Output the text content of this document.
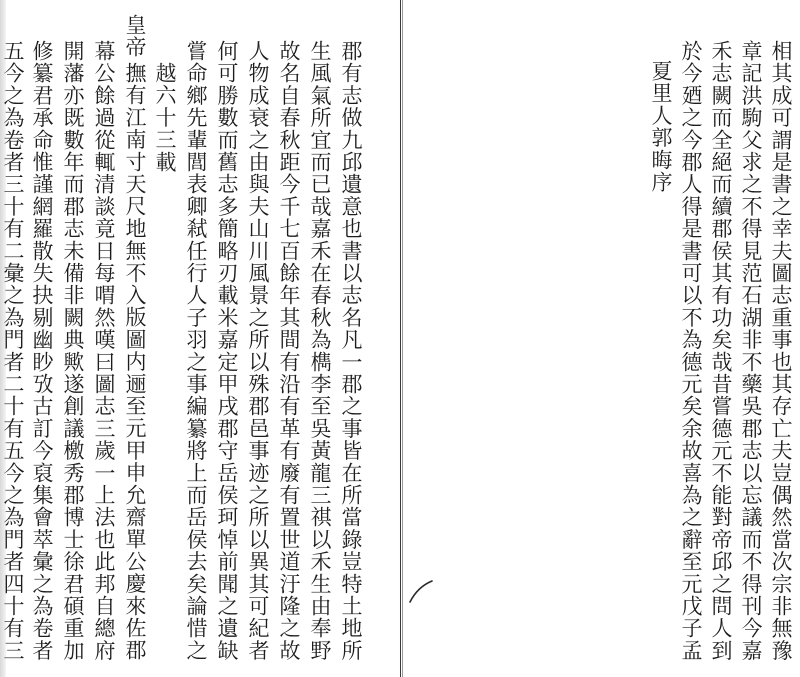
皇帝
越六十三載 嘗命鄉先輩閭表卿弒任行人子羽之事編纂將上而岳侯去矣論惜之 何可勝數而舊志多簡略刃載米嘉定甲戌郡守岳侯珂悼前聞之遺缺 人物成衰之由與夫山川風景之所以殊郡邑事迹之所以異其可紀者 故名自春秋距今千七百餘年其間有沿有革有廢有置世道汙隆之故 生風氣所宜而已哉嘉禾在春秋為檇李至吳黃龍三祺以禾生由奉野 郡有志做九邱遺意也書以志名凡一郡之事皆在所當錄豈特土地所
撫有江南寸天尺地無不入版圖内逦至元甲申允齋單公慶來佐郡
幕公餘過從輒清談竟日每喟然嘆曰圖志三歲一上法也此邦自總府
開藩亦既數年而郡志未備非闕典歟遂創議檄秀郡博士徐君碩重加
修纂君承命惟謹網羅散失抉剔幽眇攷古訂今裒集會萃彙之為卷者
五今之為卷者三十有二彙之為門者二十有五今之為門者四十有三	夏里人郭晦序 於今廼之今郡人得是書可以不為德元矣余故喜為之辭至元戊子孟 禾志闕而全絕而續郡侯其有功矣哉昔嘗德元不能對帝邱之問人到 章記洪駒父求之不得見范石湖非不藥吳郡志以忘議而不得刊今嘉 相其成可謂是書之幸夫圖志重事也其存亡夫豈偶然當次宗非無豫
